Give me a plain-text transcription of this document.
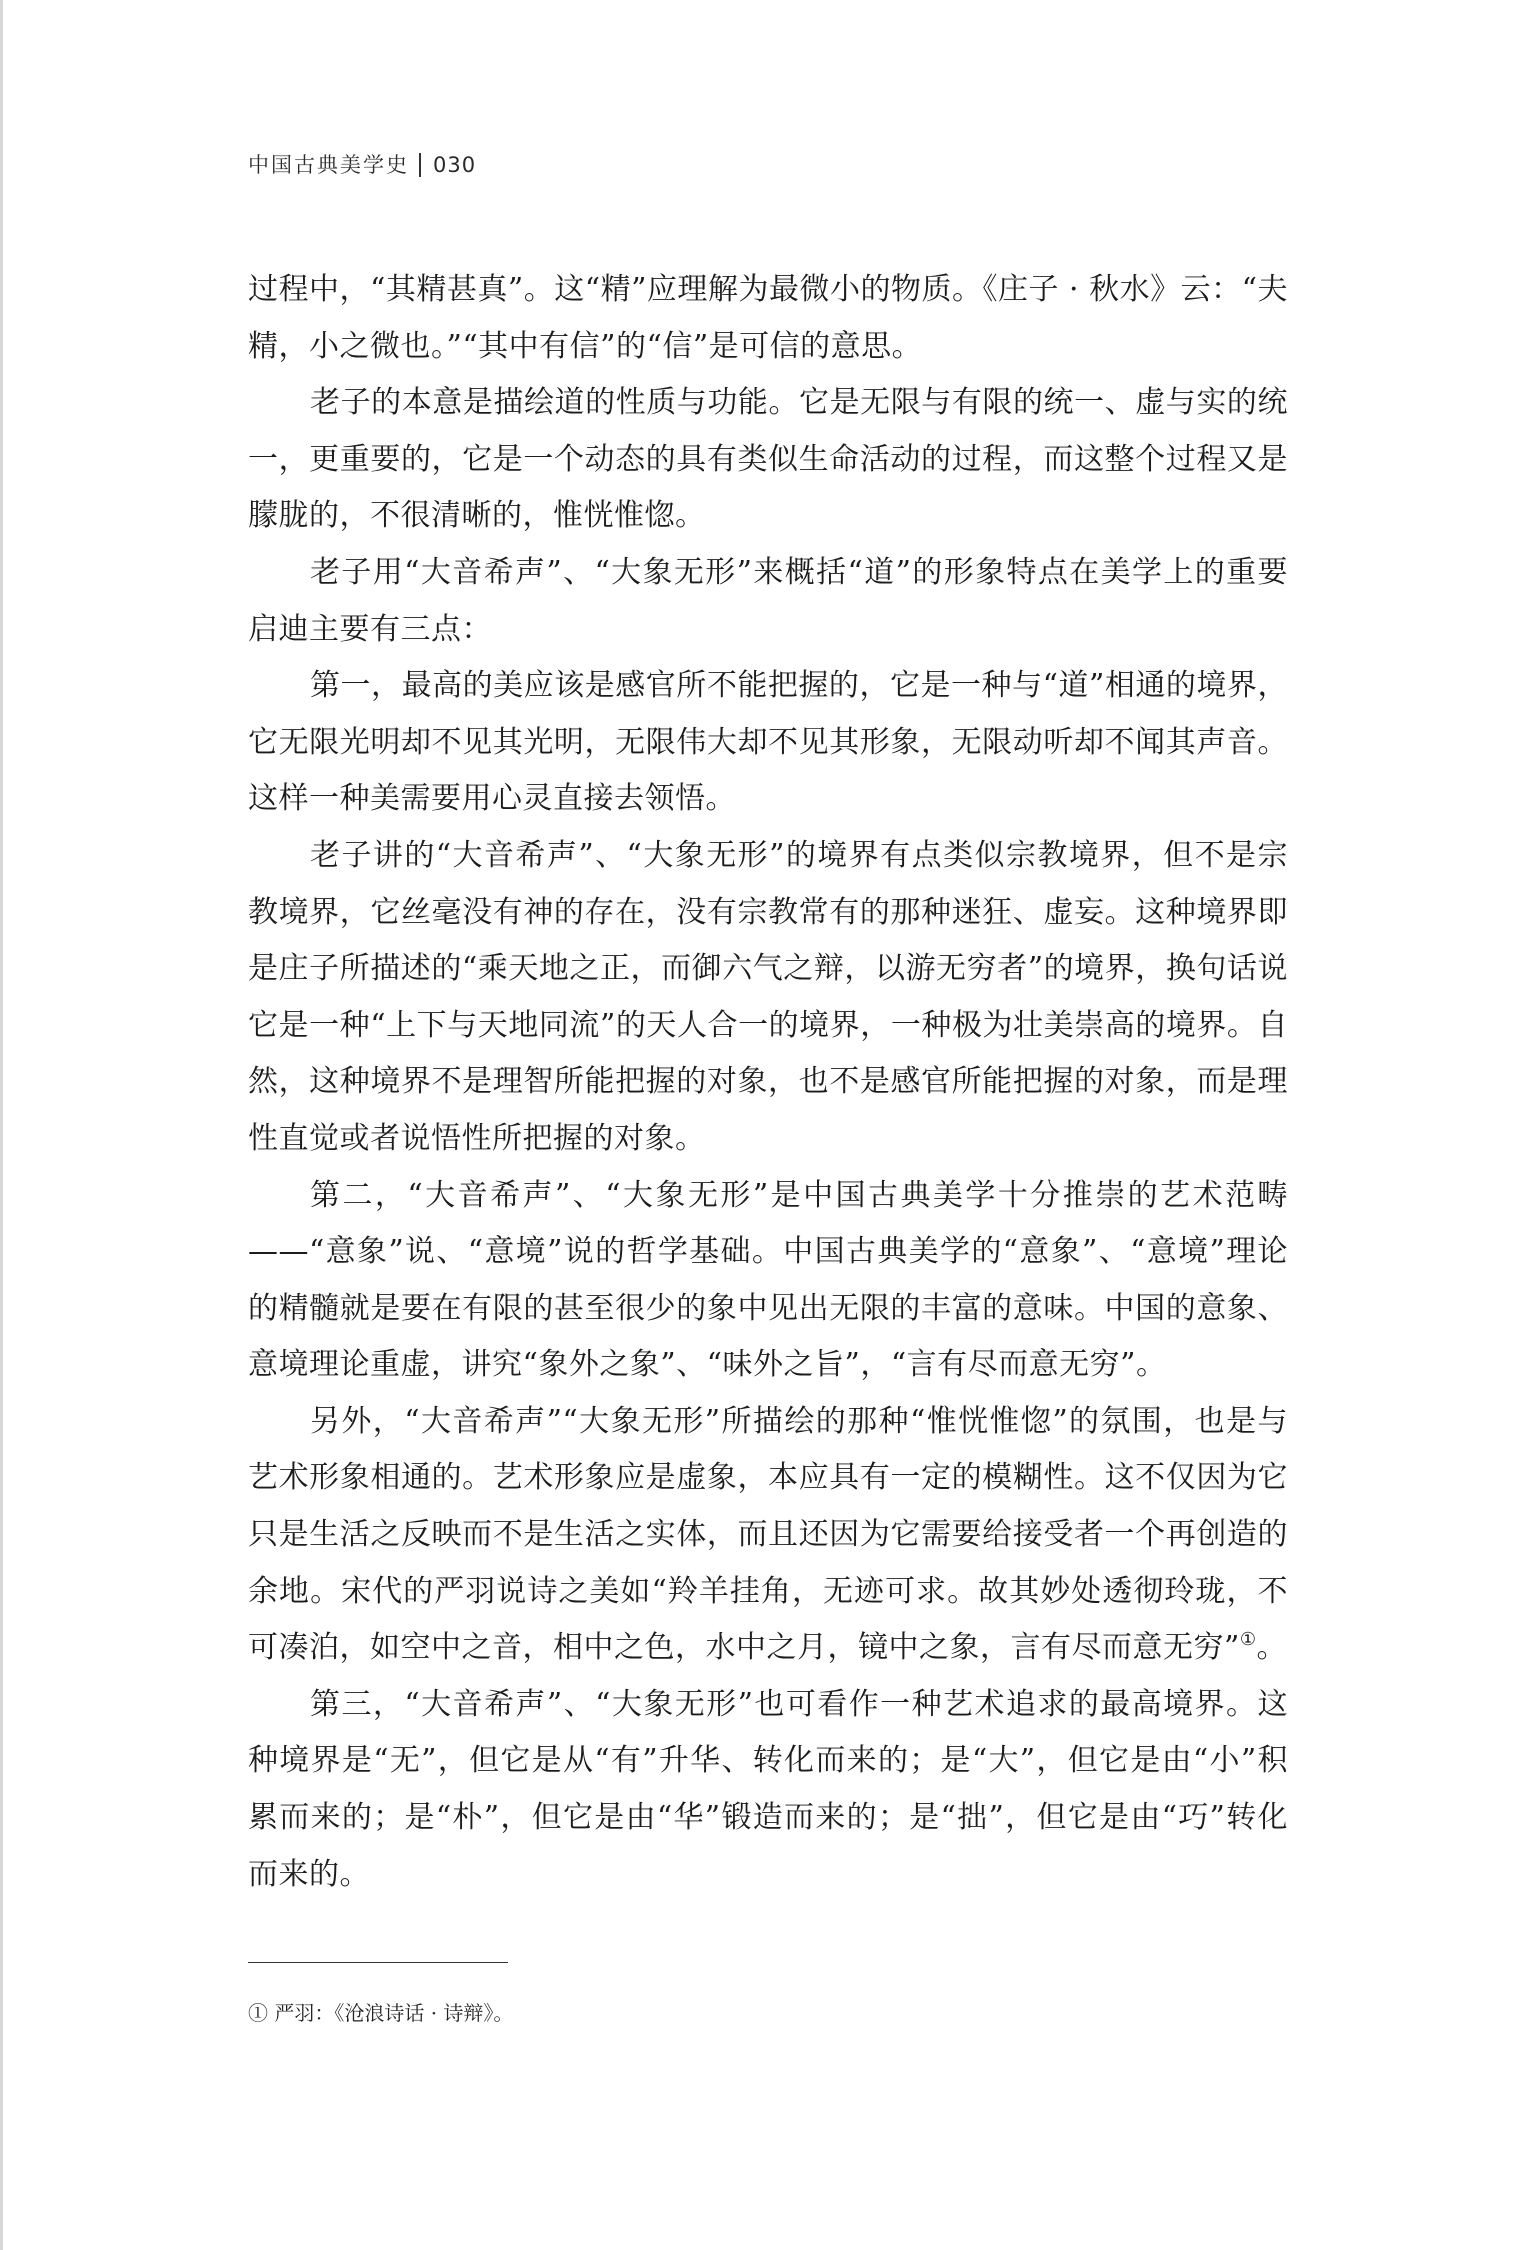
中国古典美学史 030

过程中，“其精甚真”。这“精”应理解为最微小的物质。《庄子 · 秋水》云：“夫精，小之微也。”“其中有信”的“信”是可信的意思。

老子的本意是描绘道的性质与功能。它是无限与有限的统一、虚与实的统一，更重要的，它是一个动态的具有类似生命活动的过程，而这整个过程又是朦胧的，不很清晰的，惟恍惟惚。

老子用“大音希声”、“大象无形”来概括“道”的形象特点在美学上的重要启迪主要有三点：

第一，最高的美应该是感官所不能把握的，它是一种与“道”相通的境界，它无限光明却不见其光明，无限伟大却不见其形象，无限动听却不闻其声音。这样一种美需要用心灵直接去领悟。

老子讲的“大音希声”、“大象无形”的境界有点类似宗教境界，但不是宗教境界，它丝毫没有神的存在，没有宗教常有的那种迷狂、虚妄。这种境界即是庄子所描述的“乘天地之正，而御六气之辩，以游无穷者”的境界，换句话说它是一种“上下与天地同流”的天人合一的境界，一种极为壮美崇高的境界。自然，这种境界不是理智所能把握的对象，也不是感官所能把握的对象，而是理性直觉或者说悟性所把握的对象。

第二，“大音希声”、“大象无形”是中国古典美学十分推崇的艺术范畴——“意象”说、“意境”说的哲学基础。中国古典美学的“意象”、“意境”理论的精髓就是要在有限的甚至很少的象中见出无限的丰富的意味。中国的意象、意境理论重虚，讲究“象外之象”、“味外之旨”，“言有尽而意无穷”。

另外，“大音希声”“大象无形”所描绘的那种“惟恍惟惚”的氛围，也是与艺术形象相通的。艺术形象应是虚象，本应具有一定的模糊性。这不仅因为它只是生活之反映而不是生活之实体，而且还因为它需要给接受者一个再创造的余地。宋代的严羽说诗之美如“羚羊挂角，无迹可求。故其妙处透彻玲珑，不可凑泊，如空中之音，相中之色，水中之月，镜中之象，言有尽而意无穷”①。

第三，“大音希声”、“大象无形”也可看作一种艺术追求的最高境界。这种境界是“无”，但它是从“有”升华、转化而来的；是“大”，但它是由“小”积累而来的；是“朴”，但它是由“华”锻造而来的；是“拙”，但它是由“巧”转化而来的。

① 严羽：《沧浪诗话 · 诗辩》。
